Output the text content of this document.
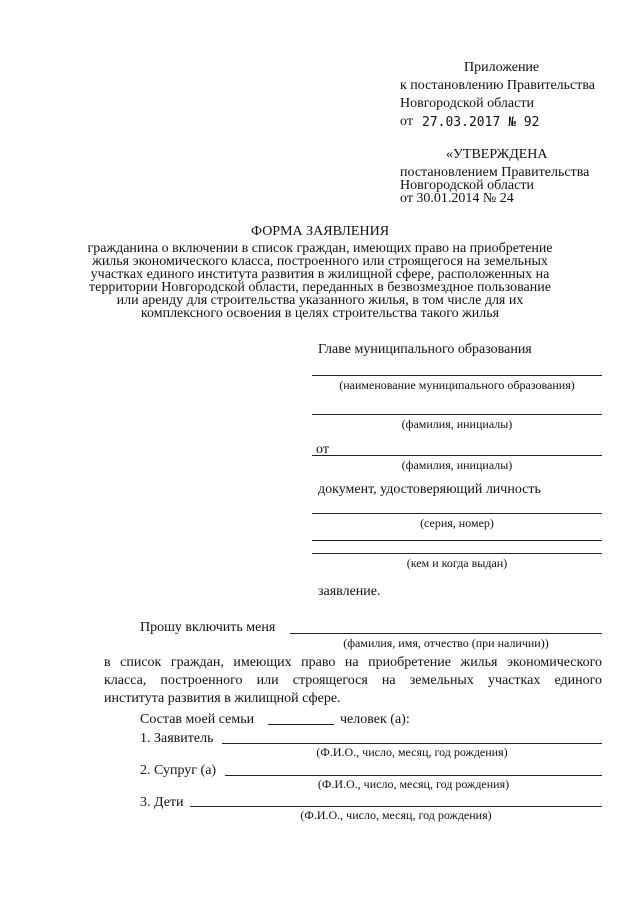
Приложение
к постановлению Правительства
Новгородской области
от 27.03.2017 № 92
«УТВЕРЖДЕНА
постановлением Правительства
Новгородской области
от 30.01.2014 № 24
ФОРМА ЗАЯВЛЕНИЯ
гражданина о включении в список граждан, имеющих право на приобретение
жилья экономического класса, построенного или строящегося на земельных
участках единого института развития в жилищной сфере, расположенных на
территории Новгородской области, переданных в безвозмездное пользование
или аренду для строительства указанного жилья, в том числе для их
комплексного освоения в целях строительства такого жилья
Главе муниципального образования
(наименование муниципального образования)
(фамилия, инициалы)
от
(фамилия, инициалы)
документ, удостоверяющий личность
(серия, номер)
(кем и когда выдан)
заявление.
Прошу включить меня
(фамилия, имя, отчество (при наличии))
в список граждан, имеющих право на приобретение жилья экономического
класса, построенного или строящегося на земельных участках единого
института развития в жилищной сфере.
Состав моей семьи	человек (а):
1. Заявитель
(Ф.И.О., число, месяц, год рождения)
2. Супруг (а)
(Ф.И.О., число, месяц, год рождения)
3. Дети
(Ф.И.О., число, месяц, год рождения)
